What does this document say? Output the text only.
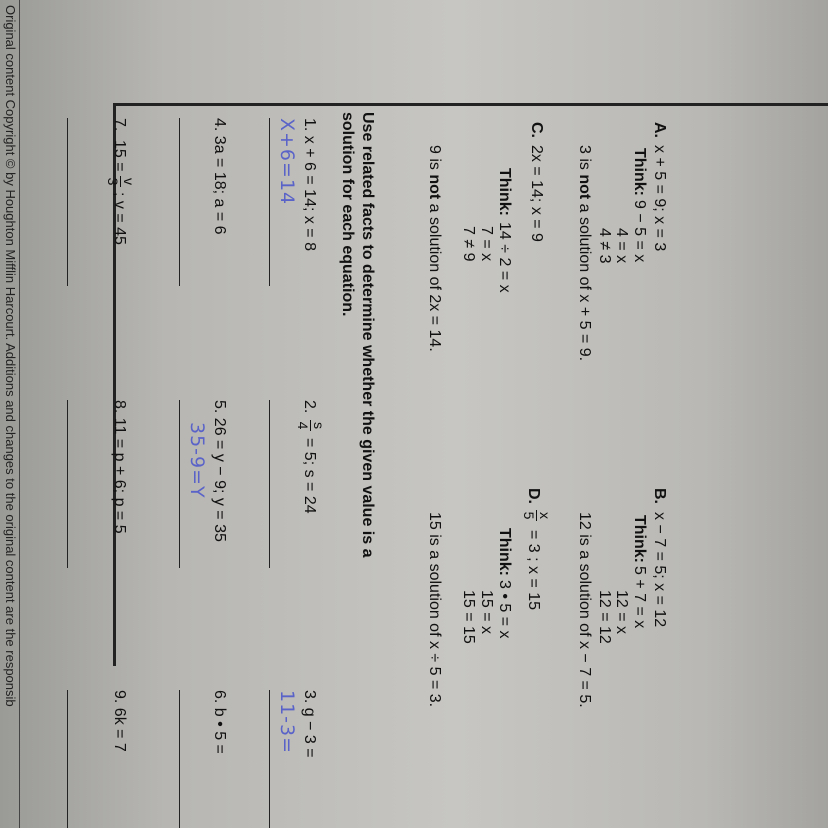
A.
x + 5 = 9; x = 3
Think:
9 − 5 = x
4 = x
4 ≠ 3
3 is not a solution of x + 5 = 9.
B.
x − 7 = 5; x = 12
Think:
5 + 7 = x
12 = x
12 = 12
12 is a solution of x − 7 = 5.
C.
2x = 14; x = 9
Think:
14 ÷ 2 = x
7 = x
7 ≠ 9
9 is not a solution of 2x = 14.
D.
x
5
= 3 ; x = 15
Think:
3 • 5 = x
15 = x
15 = 15
15 is a solution of x ÷ 5 = 3.
Use related facts to determine whether the given value is a
solution for each equation.
1. x + 6 = 14; x = 8
X+6=14
2.
s
4
= 5; s = 24
3. g − 3 =
11-3=
4. 3a = 18; a = 6
5. 26 = y − 9; y = 35
35-9=Y
6. b • 5 =
7.
15 =
v
3
; v = 45
8. 11 = p + 6; p = 5
9. 6k = 7
Original content Copyright © by Houghton Mifflin Harcourt. Additions and changes to the original content are the responsib
